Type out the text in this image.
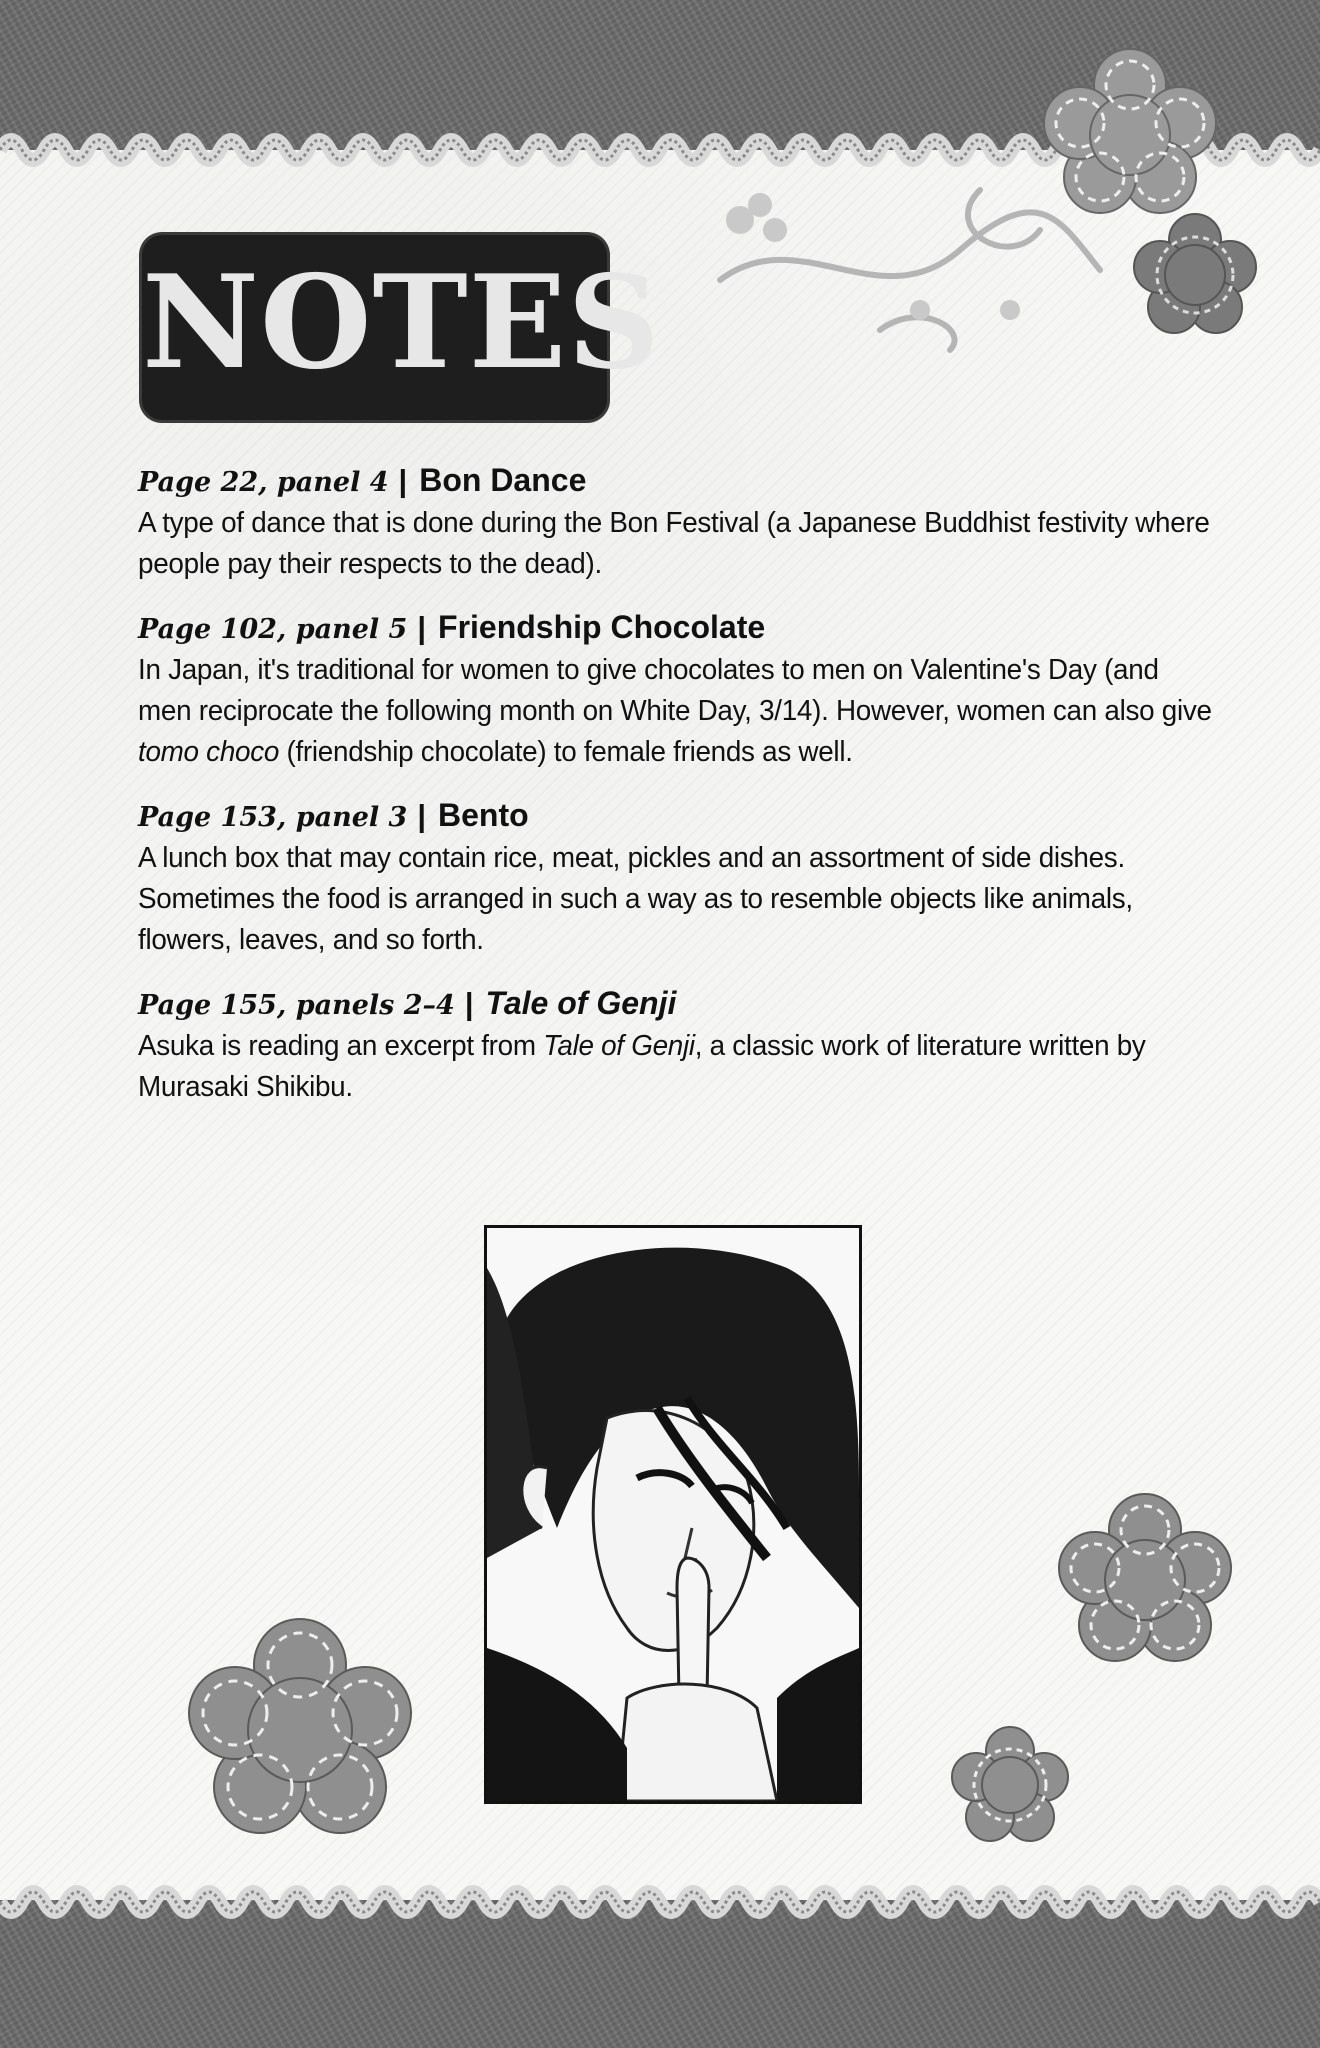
NOTES
Page 22, panel 4 | Bon Dance
A type of dance that is done during the Bon Festival (a Japanese Buddhist festivity where people pay their respects to the dead).
Page 102, panel 5 | Friendship Chocolate
In Japan, it's traditional for women to give chocolates to men on Valentine's Day (and men reciprocate the following month on White Day, 3/14). However, women can also give tomo choco (friendship chocolate) to female friends as well.
Page 153, panel 3 | Bento
A lunch box that may contain rice, meat, pickles and an assortment of side dishes. Sometimes the food is arranged in such a way as to resemble objects like animals, flowers, leaves, and so forth.
Page 155, panels 2–4 | Tale of Genji
Asuka is reading an excerpt from Tale of Genji, a classic work of literature written by Murasaki Shikibu.
